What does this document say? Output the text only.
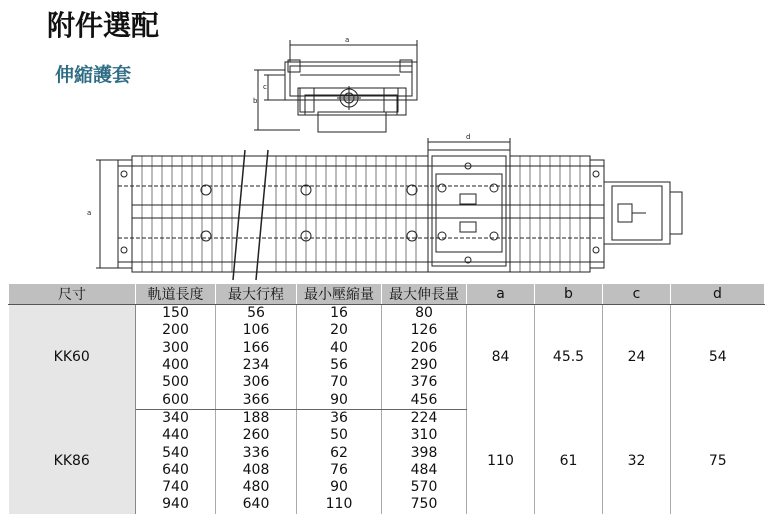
附件選配
伸縮護套
a
b
c
d
a
尺寸	軌道長度	最大行程	最小壓縮量	最大伸長量	a	b	c	d
KK60	150	56	16	80	84	45.5	24	54
	200	106	20	126				
	300	166	40	206				
	400	234	56	290				
	500	306	70	376				
	600	366	90	456				
KK86	340	188	36	224	110	61	32	75
	440	260	50	310				
	540	336	62	398				
	640	408	76	484				
	740	480	90	570				
	940	640	110	750				
